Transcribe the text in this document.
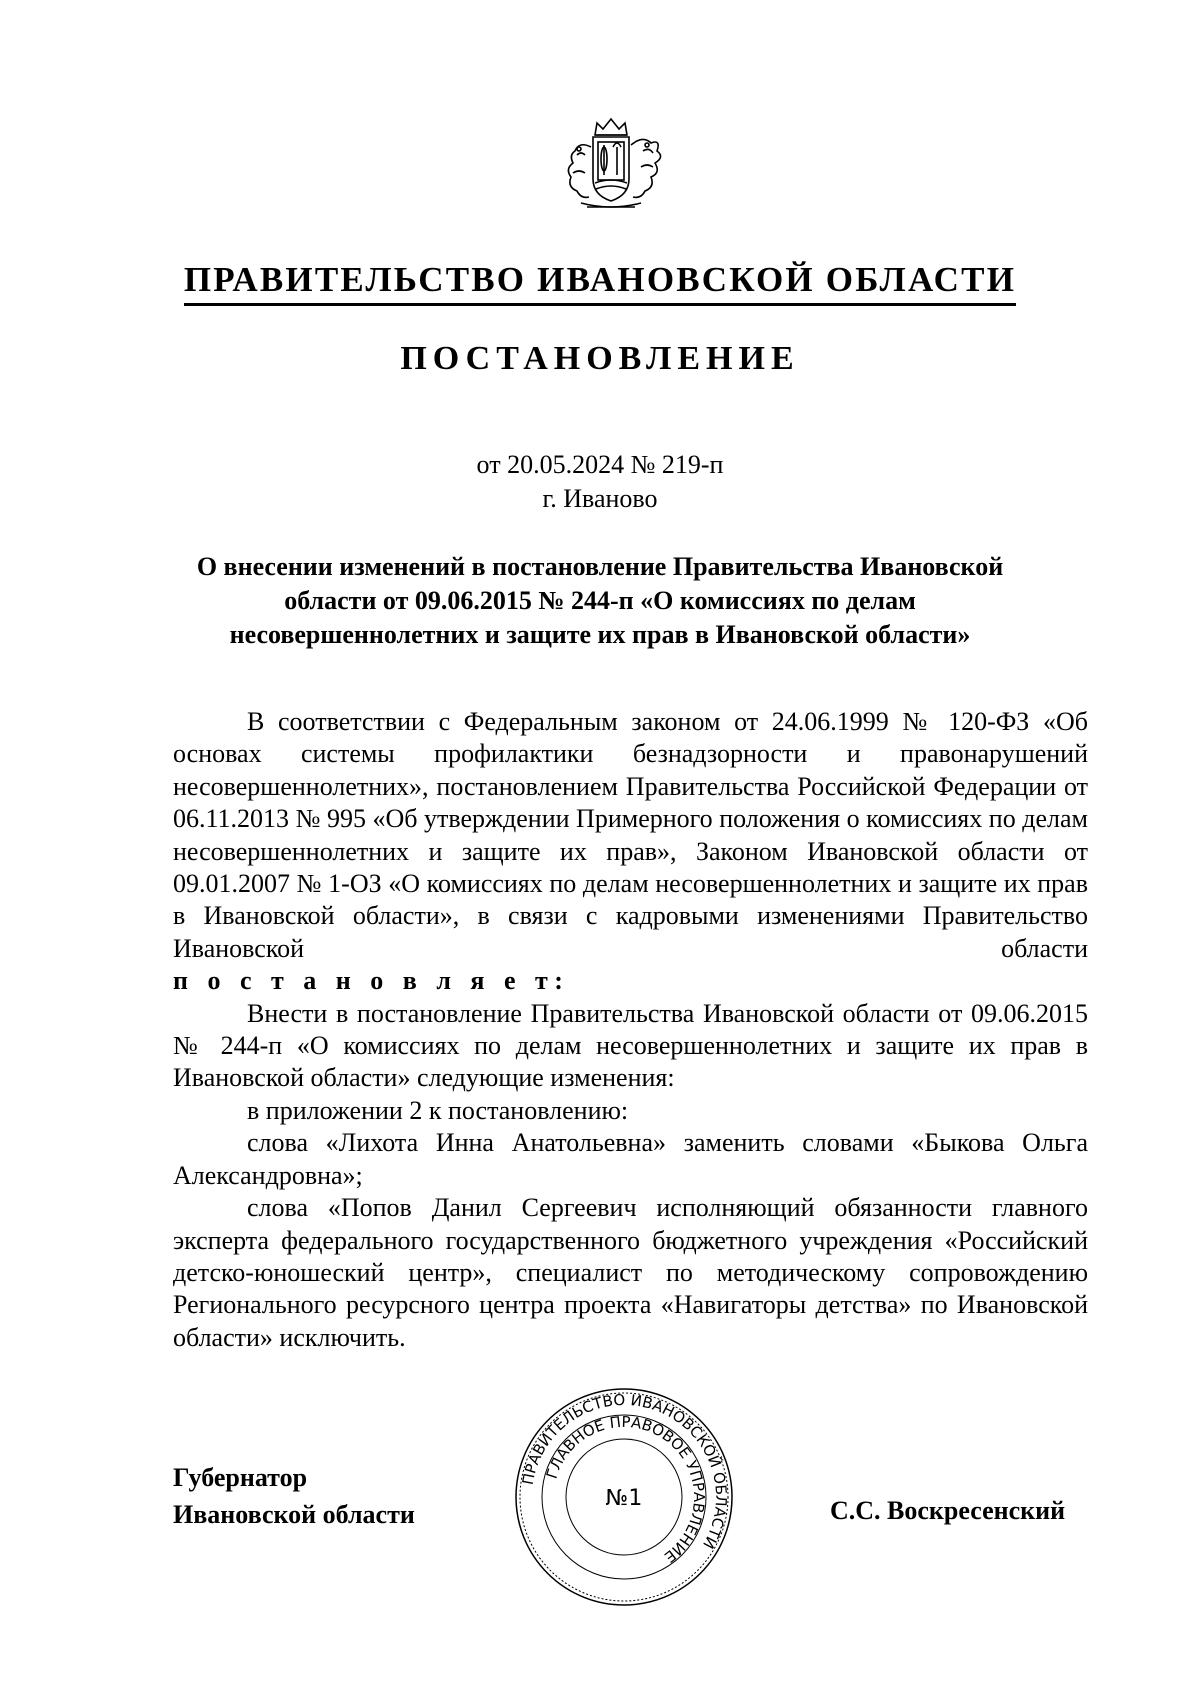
ПРАВИТЕЛЬСТВО ИВАНОВСКОЙ ОБЛАСТИ
ПОСТАНОВЛЕНИЕ
от 20.05.2024 № 219-п
г. Иваново
О внесении изменений в постановление Правительства Ивановской области от 09.06.2015 № 244-п «О комиссиях по делам несовершеннолетних и защите их прав в Ивановской области»

В соответствии с Федеральным законом от 24.06.1999 № 120-ФЗ «Об основах системы профилактики безнадзорности и правонарушений несовершеннолетних», постановлением Правительства Российской Федерации от 06.11.2013 № 995 «Об утверждении Примерного положения о комиссиях по делам несовершеннолетних и защите их прав», Законом Ивановской области от 09.01.2007 № 1-ОЗ «О комиссиях по делам несовершеннолетних и защите их прав в Ивановской области», в связи с кадровыми изменениями Правительство Ивановской области

п о с т а н о в л я е т:

Внести в постановление Правительства Ивановской области от 09.06.2015 № 244-п «О комиссиях по делам несовершеннолетних и защите их прав в Ивановской области» следующие изменения:

в приложении 2 к постановлению:

слова «Лихота Инна Анатольевна» заменить словами «Быкова Ольга Александровна»;

слова «Попов Данил Сергеевич исполняющий обязанности главного эксперта федерального государственного бюджетного учреждения «Российский детско-юношеский центр», специалист по методическому сопровождению Регионального ресурсного центра проекта «Навигаторы детства» по Ивановской области» исключить.

Губернатор
Ивановской области	С.С. Воскресенский
ПРАВИТЕЛЬСТВО ИВАНОВСКОЙ ОБЛАСТИ
ГЛАВНОЕ ПРАВОВОЕ УПРАВЛЕНИЕ
№1
